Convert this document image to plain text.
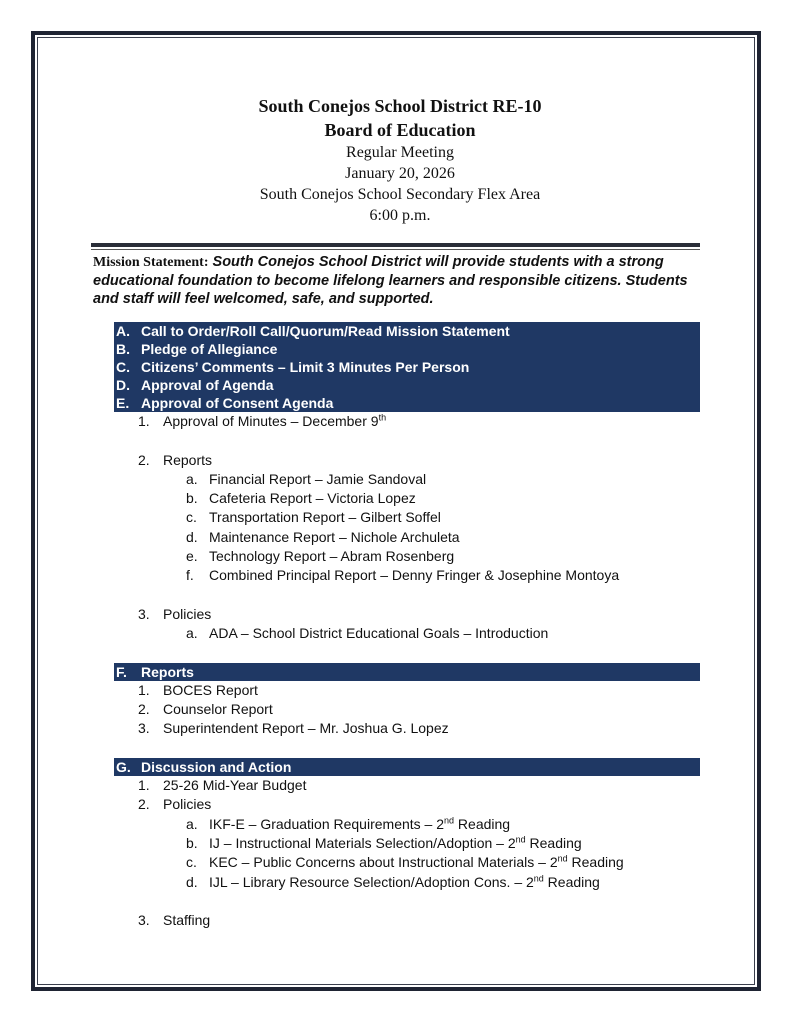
South Conejos School District RE-10
Board of Education
Regular Meeting
January 20, 2026
South Conejos School Secondary Flex Area
6:00 p.m.
Mission Statement: South Conejos School District will provide students with a strong educational foundation to become lifelong learners and responsible citizens. Students and staff will feel welcomed, safe, and supported.
A. Call to Order/Roll Call/Quorum/Read Mission Statement
B. Pledge of Allegiance
C. Citizens’ Comments – Limit 3 Minutes Per Person
D. Approval of Agenda
E. Approval of Consent Agenda
1. Approval of Minutes – December 9th
2. Reports
a. Financial Report – Jamie Sandoval
b. Cafeteria Report – Victoria Lopez
c. Transportation Report – Gilbert Soffel
d. Maintenance Report – Nichole Archuleta
e. Technology Report – Abram Rosenberg
f.	Combined Principal Report – Denny Fringer & Josephine Montoya
3. Policies
a. ADA – School District Educational Goals – Introduction
F.	Reports
1. BOCES Report
2. Counselor Report
3. Superintendent Report – Mr. Joshua G. Lopez
G. Discussion and Action
1. 25-26 Mid-Year Budget
2. Policies
a. IKF-E – Graduation Requirements – 2nd Reading
b. IJ – Instructional Materials Selection/Adoption – 2nd Reading
c. KEC – Public Concerns about Instructional Materials – 2nd Reading
d. IJL – Library Resource Selection/Adoption Cons. – 2nd Reading
3. Staffing
